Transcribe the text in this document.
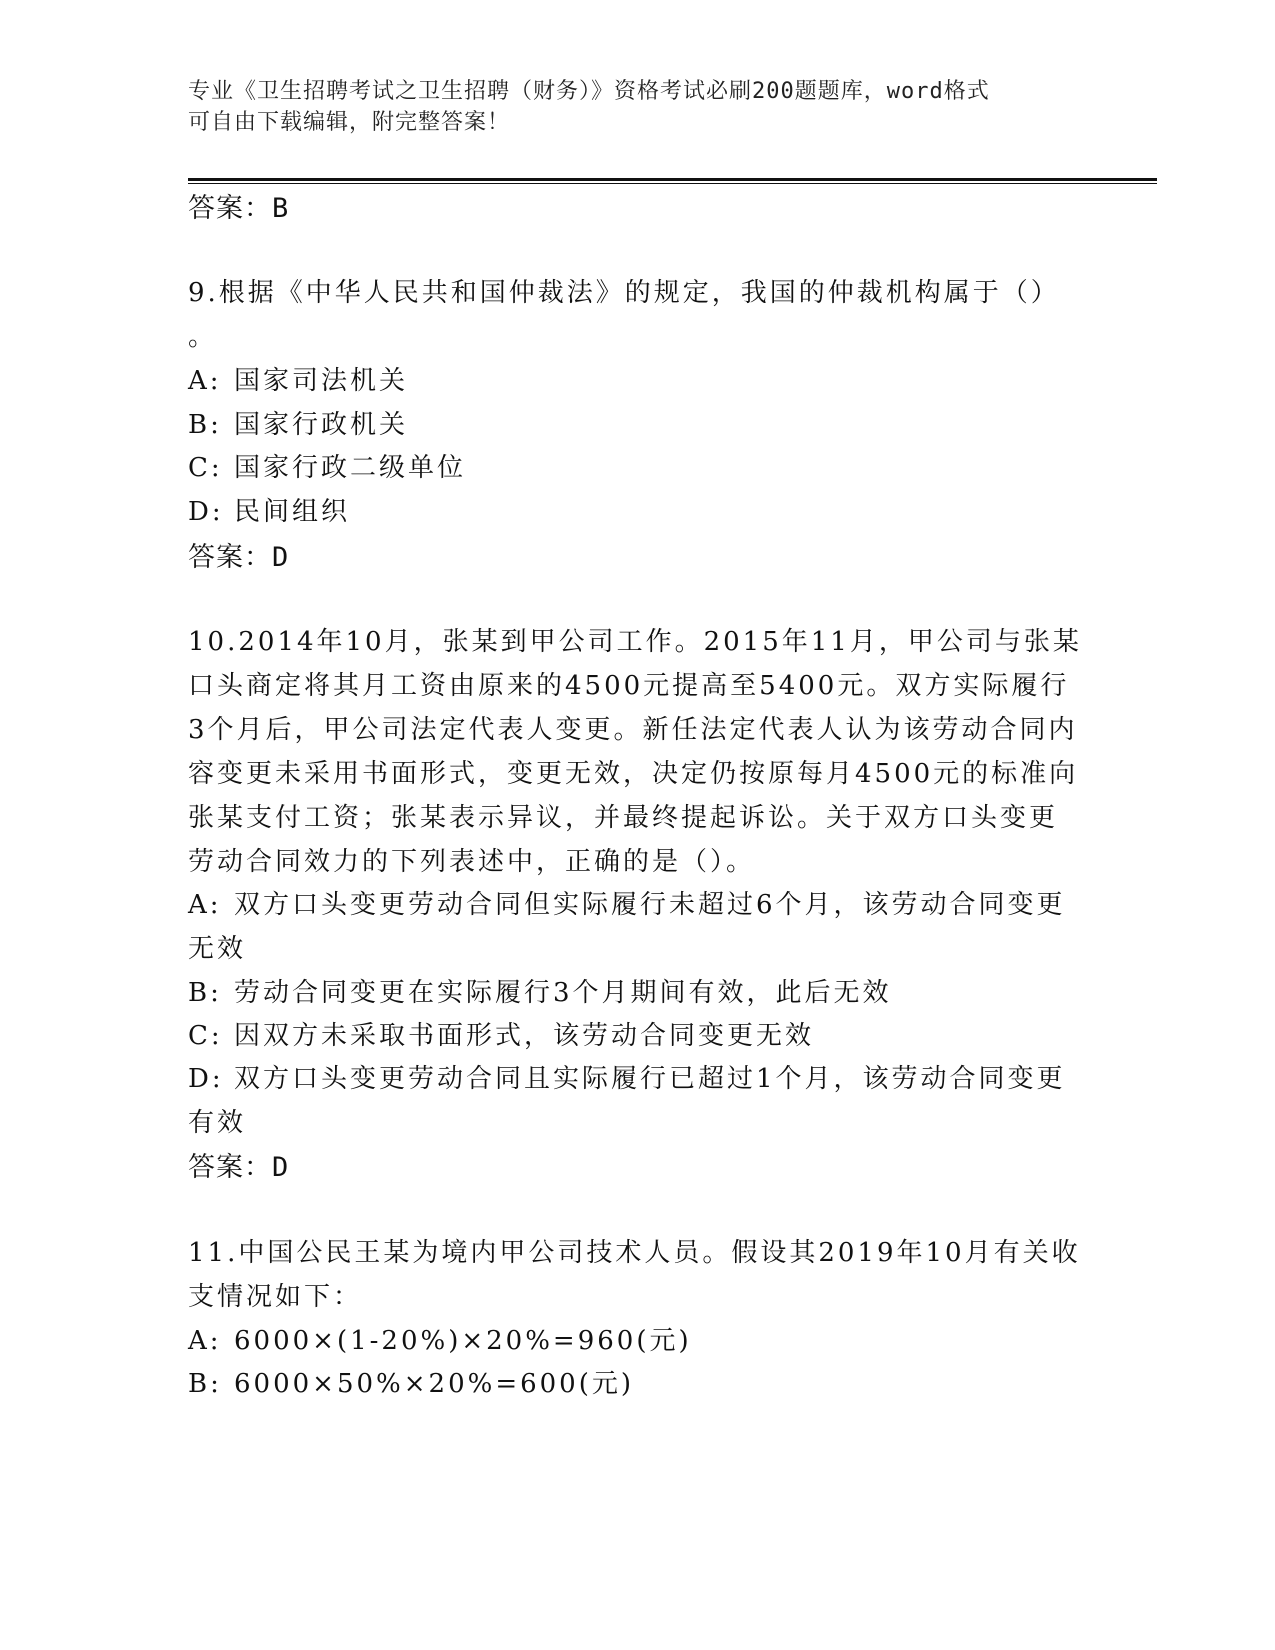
专业《卫生招聘考试之卫生招聘（财务）》资格考试必刷200题题库，word格式
可自由下载编辑，附完整答案！
答案：B
9.根据《中华人民共和国仲裁法》的规定，我国的仲裁机构属于（）
。
A: 国家司法机关
B: 国家行政机关
C: 国家行政二级单位
D: 民间组织
答案：D
10.2014年10月，张某到甲公司工作。2015年11月，甲公司与张某
口头商定将其月工资由原来的4500元提高至5400元。双方实际履行
3个月后，甲公司法定代表人变更。新任法定代表人认为该劳动合同内
容变更未采用书面形式，变更无效，决定仍按原每月4500元的标准向
张某支付工资；张某表示异议，并最终提起诉讼。关于双方口头变更
劳动合同效力的下列表述中，正确的是（）。
A: 双方口头变更劳动合同但实际履行未超过6个月，该劳动合同变更
无效
B: 劳动合同变更在实际履行3个月期间有效，此后无效
C: 因双方未采取书面形式，该劳动合同变更无效
D: 双方口头变更劳动合同且实际履行已超过1个月，该劳动合同变更
有效
答案：D
11.中国公民王某为境内甲公司技术人员。假设其2019年10月有关收
支情况如下：
A: 6000×(1-20%)×20%=960(元)
B: 6000×50%×20%=600(元)
